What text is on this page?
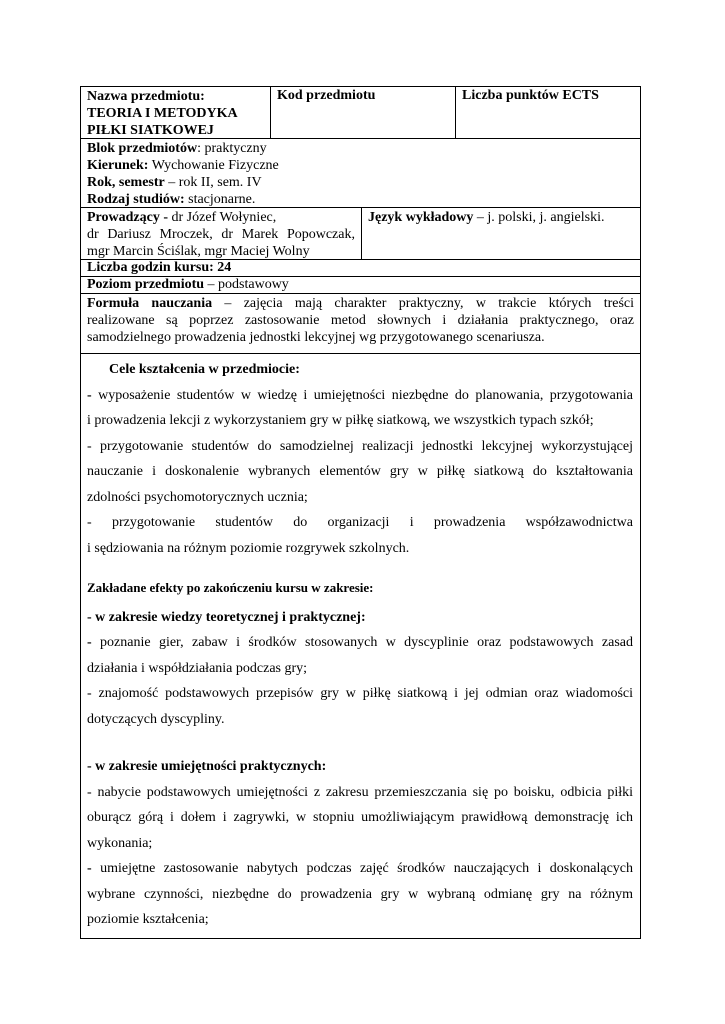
Nazwa przedmiotu:
TEORIA I METODYKA
PIŁKI SIATKOWEJ
Kod przedmiotu	Liczba punktów ECTS
Blok przedmiotów: praktyczny
Kierunek: Wychowanie Fizyczne
Rok, semestr – rok II, sem. IV
Rodzaj studiów: stacjonarne.
Prowadzący - dr Józef Wołyniec,
dr Dariusz Mroczek, dr Marek Popowczak,
mgr Marcin Ściślak, mgr Maciej Wolny
Język wykładowy – j. polski, j. angielski.
Liczba godzin kursu: 24
Poziom przedmiotu – podstawowy
Formuła nauczania – zajęcia mają charakter praktyczny, w trakcie których treści
realizowane są poprzez zastosowanie metod słownych i działania praktycznego, oraz
samodzielnego prowadzenia jednostki lekcyjnej wg przygotowanego scenariusza.
Cele kształcenia w przedmiocie:
- wyposażenie studentów w wiedzę i umiejętności niezbędne do planowania, przygotowania
i prowadzenia lekcji z wykorzystaniem gry w piłkę siatkową, we wszystkich typach szkół;
- przygotowanie studentów do samodzielnej realizacji jednostki lekcyjnej wykorzystującej
nauczanie i doskonalenie wybranych elementów gry w piłkę siatkową do kształtowania
zdolności psychomotorycznych ucznia;
- przygotowanie studentów do organizacji i prowadzenia współzawodnictwa
i sędziowania na różnym poziomie rozgrywek szkolnych.
Zakładane efekty po zakończeniu kursu w zakresie:
- w zakresie wiedzy teoretycznej i praktycznej:
- poznanie gier, zabaw i środków stosowanych w dyscyplinie oraz podstawowych zasad
działania i współdziałania podczas gry;
- znajomość podstawowych przepisów gry w piłkę siatkową i jej odmian oraz wiadomości
dotyczących dyscypliny.
- w zakresie umiejętności praktycznych:
- nabycie podstawowych umiejętności z zakresu przemieszczania się po boisku, odbicia piłki
oburącz górą i dołem i zagrywki, w stopniu umożliwiającym prawidłową demonstrację ich
wykonania;
- umiejętne zastosowanie nabytych podczas zajęć środków nauczających i doskonalących
wybrane czynności, niezbędne do prowadzenia gry w wybraną odmianę gry na różnym
poziomie kształcenia;
